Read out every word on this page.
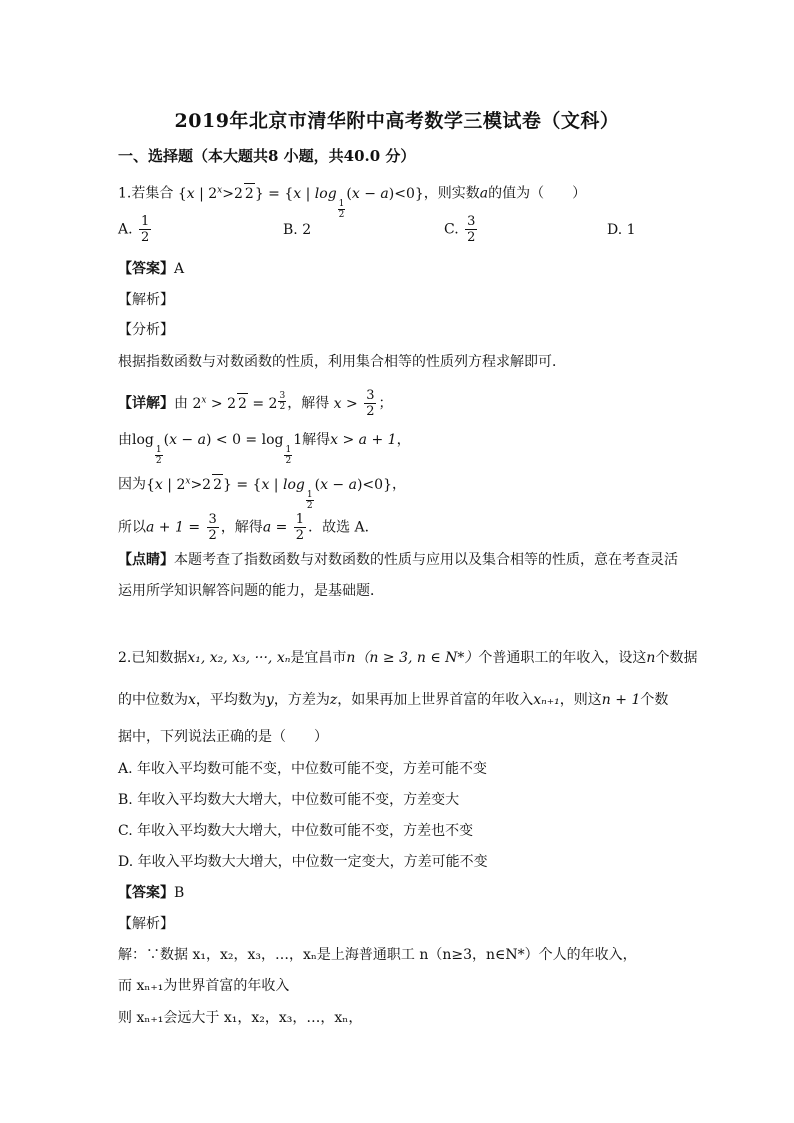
2019年北京市清华附中高考数学三模试卷（文科）
一、选择题（本大题共8 小题，共40.0 分）
1.若集合 {x | $2^x>2$ 2} = {x | log
$\frac{1}{2}$
(x − a)<0}，则实数a的值为（　　）
A. $\frac{1}{2}$	B. 2	C. $\frac{3}{2}$	D. 1
【答案】A
【解析】
【分析】
根据指数函数与对数函数的性质，利用集合相等的性质列方程求解即可．
【详解】由 $2^x > 2$ 2 = 2 $^{\frac{3}{2}}$ ，解得 $x > \frac{3}{2}$ ；
由log
$\frac{1}{2}$
(x − a) < 0 = log
$\frac{1}{2}$
1解得x > a + 1，
因为{x | $2^x>2$ 2} = {x | log
$\frac{1}{2}$
(x − a)<0}，
所以$a + 1 = \frac{3}{2}$ ，解得$a = \frac{1}{2}$ ．故选 A．
【点睛】本题考查了指数函数与对数函数的性质与应用以及集合相等的性质，意在考查灵活
运用所学知识解答问题的能力，是基础题．
2.已知数据x₁, x₂, x₃, ···, xₙ是宜昌市n（n ≥ 3, n ∈ N*）个普通职工的年收入，设这n个数据
的中位数为x，平均数为y，方差为z，如果再加上世界首富的年收入xₙ₊₁，则这n + 1个数
据中，下列说法正确的是（　　）
A. 年收入平均数可能不变，中位数可能不变，方差可能不变
B. 年收入平均数大大增大，中位数可能不变，方差变大
C. 年收入平均数大大增大，中位数可能不变，方差也不变
D. 年收入平均数大大增大，中位数一定变大，方差可能不变
【答案】B
【解析】
解：∵数据 x₁，x₂，x₃，…，xₙ是上海普通职工 n（n≥3，n∈N*）个人的年收入，
而 xₙ₊₁为世界首富的年收入
则 xₙ₊₁会远大于 x₁，x₂，x₃，…，xₙ，
